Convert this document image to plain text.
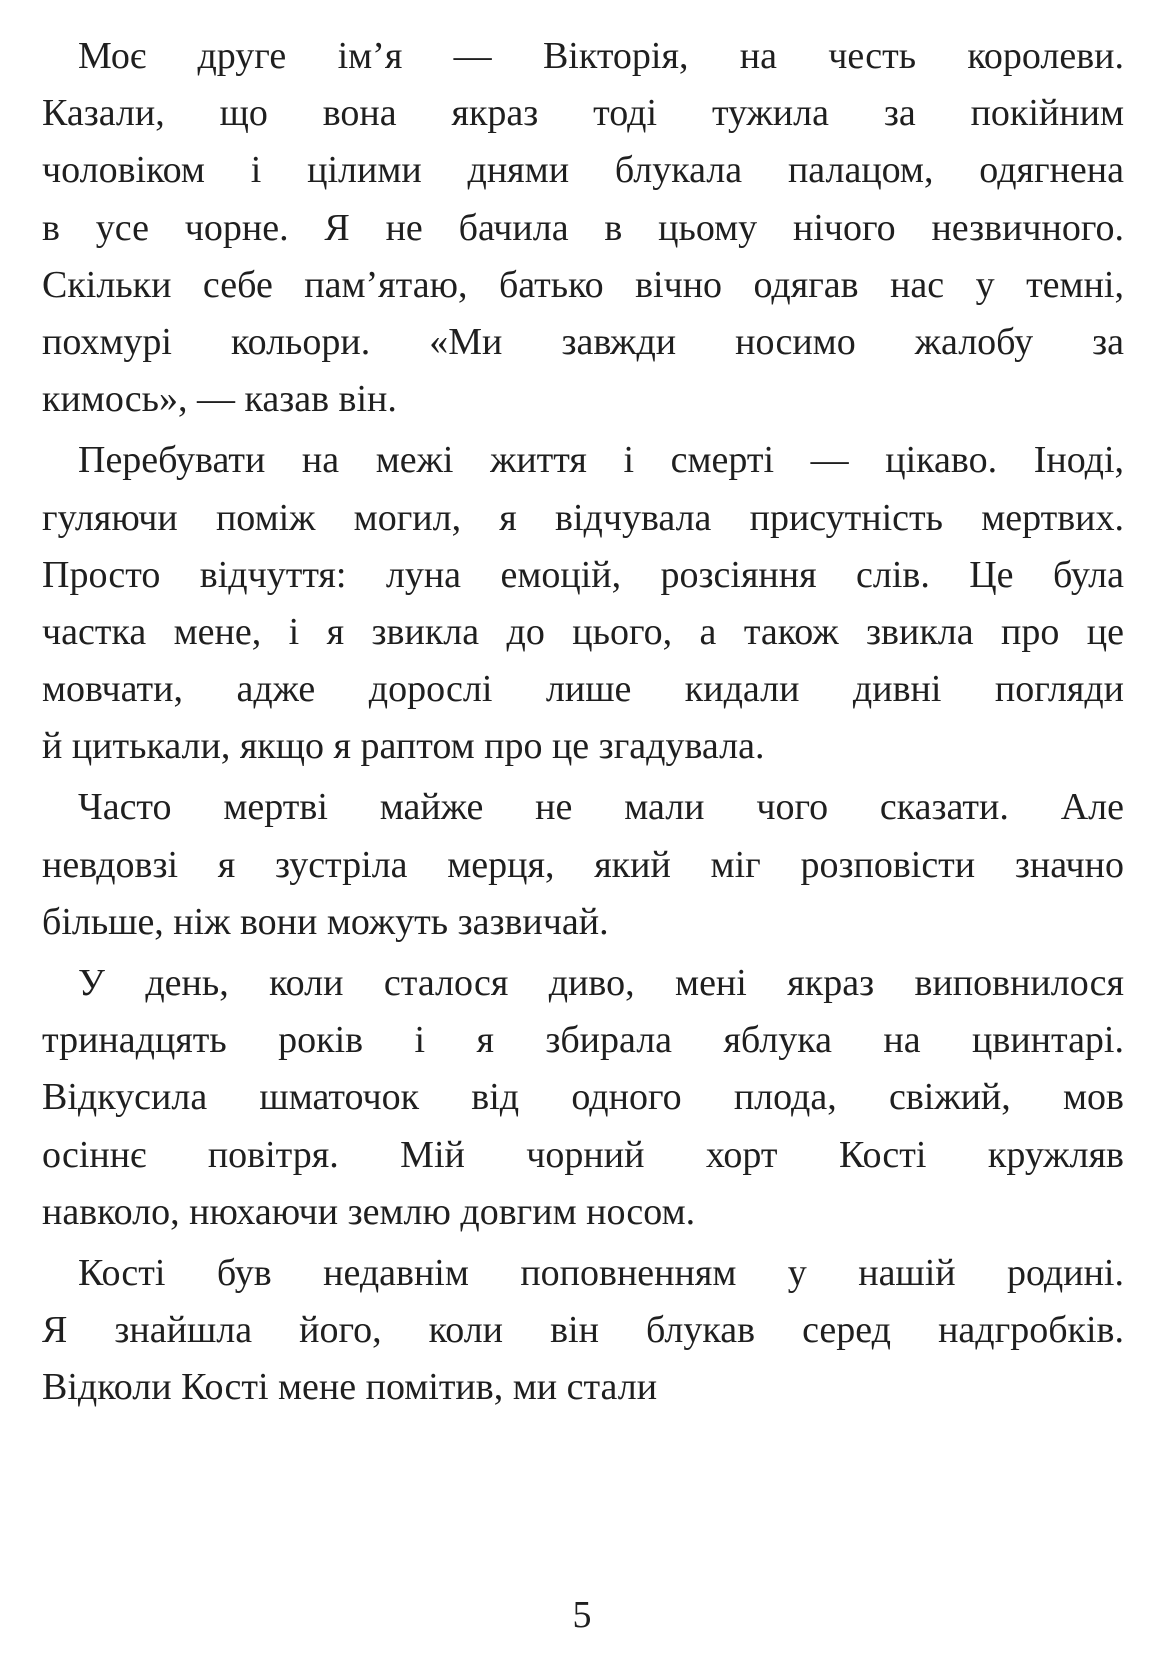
Моє друге ім’я — Вікторія, на честь королеви.
Казали, що вона якраз тоді тужила за покійним
чоловіком і цілими днями блукала палацом, одягнена
в усе чорне. Я не бачила в цьому нічого незвичного.
Скільки себе пам’ятаю, батько вічно одягав нас у темні,
похмурі кольори. «Ми завжди носимо жалобу за
кимось», — казав він.

Перебувати на межі життя і смерті — цікаво. Іноді,
гуляючи поміж могил, я відчувала присутність мертвих.
Просто відчуття: луна емоцій, розсіяння слів. Це була
частка мене, і я звикла до цього, а також звикла про це
мовчати, адже дорослі лише кидали дивні погляди
й цитькали, якщо я раптом про це згадувала.

Часто мертві майже не мали чого сказати. Але
невдовзі я зустріла мерця, який міг розповісти значно
більше, ніж вони можуть зазвичай.

У день, коли сталося диво, мені якраз виповнилося
тринадцять років і я збирала яблука на цвинтарі.
Відкусила шматочок від одного плода, свіжий, мов
осіннє повітря. Мій чорний хорт Кості кружляв
навколо, нюхаючи землю довгим носом.

Кості був недавнім поповненням у нашій родині.
Я знайшла його, коли він блукав серед надгробків.
Відколи Кості мене помітив, ми стали

5
